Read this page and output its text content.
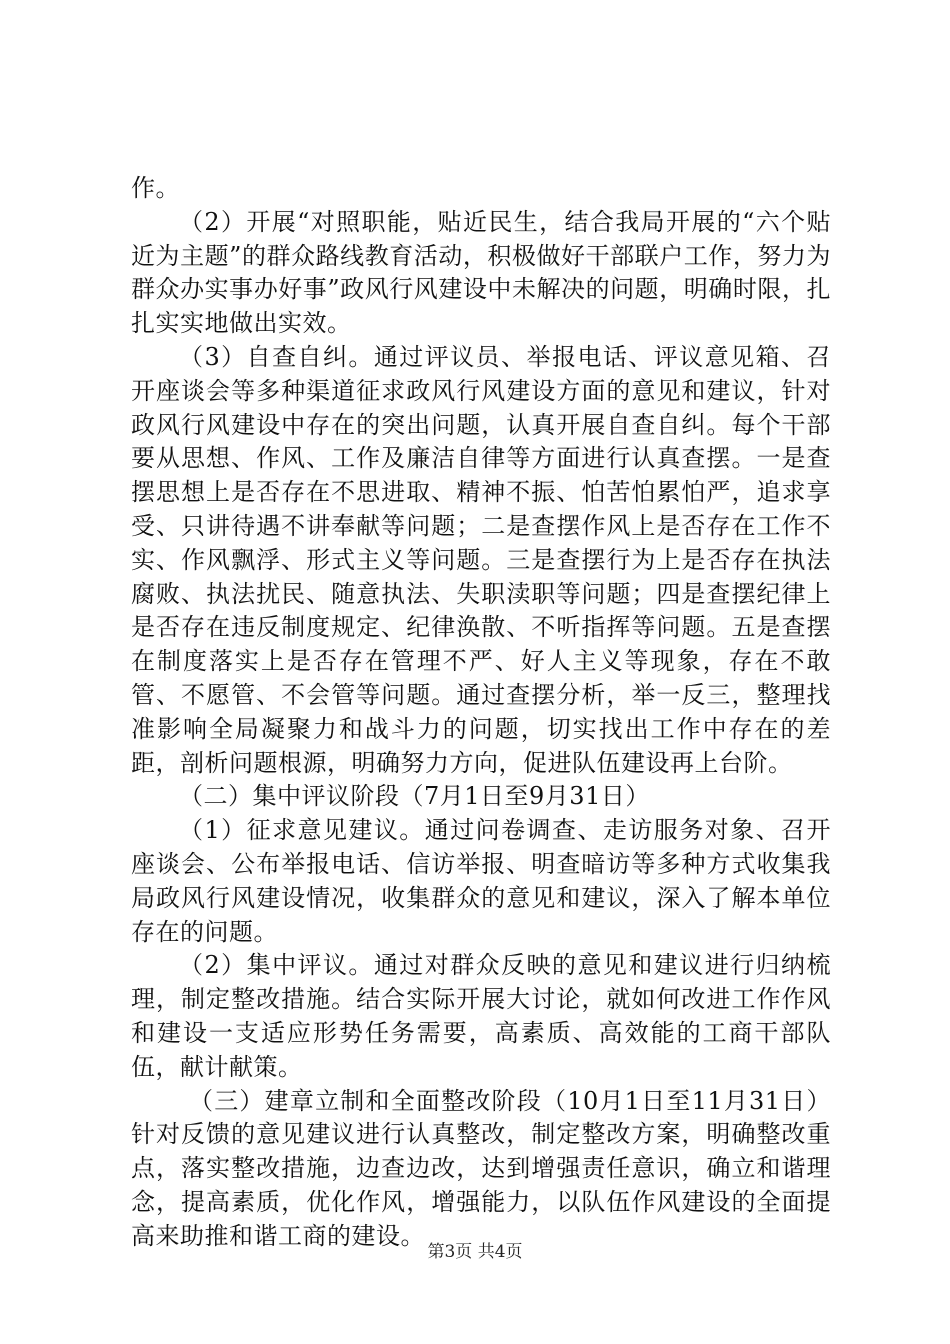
作。

（2）开展“对照职能，贴近民生，结合我局开展的“六个贴近为主题”的群众路线教育活动，积极做好干部联户工作，努力为群众办实事办好事”政风行风建设中未解决的问题，明确时限，扎扎实实地做出实效。

（3）自查自纠。通过评议员、举报电话、评议意见箱、召开座谈会等多种渠道征求政风行风建设方面的意见和建议，针对政风行风建设中存在的突出问题，认真开展自查自纠。每个干部要从思想、作风、工作及廉洁自律等方面进行认真查摆。一是查摆思想上是否存在不思进取、精神不振、怕苦怕累怕严，追求享受、只讲待遇不讲奉献等问题；二是查摆作风上是否存在工作不实、作风飘浮、形式主义等问题。三是查摆行为上是否存在执法腐败、执法扰民、随意执法、失职渎职等问题；四是查摆纪律上是否存在违反制度规定、纪律涣散、不听指挥等问题。五是查摆在制度落实上是否存在管理不严、好人主义等现象，存在不敢管、不愿管、不会管等问题。通过查摆分析，举一反三，整理找准影响全局凝聚力和战斗力的问题，切实找出工作中存在的差距，剖析问题根源，明确努力方向，促进队伍建设再上台阶。

（二）集中评议阶段（7月1日至9月31日）

（1）征求意见建议。通过问卷调查、走访服务对象、召开座谈会、公布举报电话、信访举报、明查暗访等多种方式收集我局政风行风建设情况，收集群众的意见和建议，深入了解本单位存在的问题。

（2）集中评议。通过对群众反映的意见和建议进行归纳梳理，制定整改措施。结合实际开展大讨论，就如何改进工作作风和建设一支适应形势任务需要，高素质、高效能的工商干部队伍，献计献策。

（三）建章立制和全面整改阶段（10月1日至11月31日）针对反馈的意见建议进行认真整改，制定整改方案，明确整改重点，落实整改措施，边查边改，达到增强责任意识，确立和谐理念，提高素质，优化作风，增强能力，以队伍作风建设的全面提高来助推和谐工商的建设。

第3页 共4页
